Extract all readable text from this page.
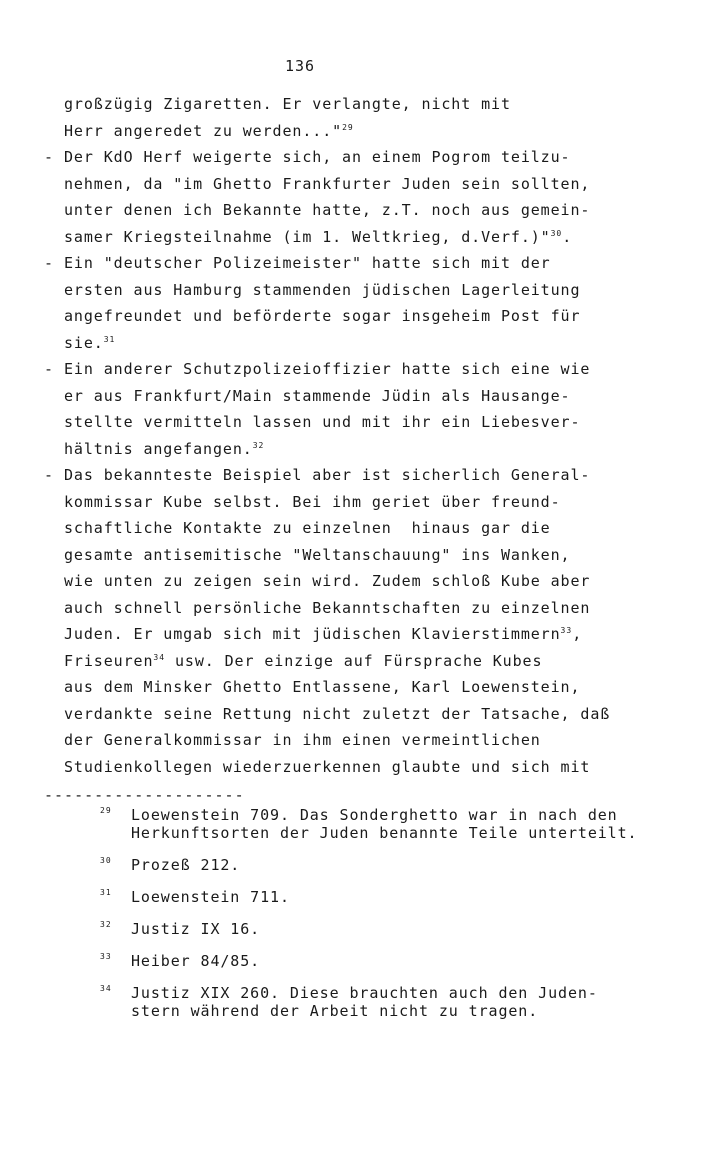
136
großzügig Zigaretten. Er verlangte, nicht mit
Herr angeredet zu werden..."$^{29}$
- Der KdO Herf weigerte sich, an einem Pogrom teilzu-
nehmen, da "im Ghetto Frankfurter Juden sein sollten,
unter denen ich Bekannte hatte, z.T. noch aus gemein-
samer Kriegsteilnahme (im 1. Weltkrieg, d.Verf.)"$^{30}$.
- Ein "deutscher Polizeimeister" hatte sich mit der
ersten aus Hamburg stammenden jüdischen Lagerleitung
angefreundet und beförderte sogar insgeheim Post für
sie.$^{31}$
- Ein anderer Schutzpolizeioffizier hatte sich eine wie
er aus Frankfurt/Main stammende Jüdin als Hausange-
stellte vermitteln lassen und mit ihr ein Liebesver-
hältnis angefangen.$^{32}$
- Das bekannteste Beispiel aber ist sicherlich General-
kommissar Kube selbst. Bei ihm geriet über freund-
schaftliche Kontakte zu einzelnen  hinaus gar die
gesamte antisemitische "Weltanschauung" ins Wanken,
wie unten zu zeigen sein wird. Zudem schloß Kube aber
auch schnell persönliche Bekanntschaften zu einzelnen
Juden. Er umgab sich mit jüdischen Klavierstimmern$^{33}$,
Friseuren$^{34}$ usw. Der einzige auf Fürsprache Kubes
aus dem Minsker Ghetto Entlassene, Karl Loewenstein,
verdankte seine Rettung nicht zuletzt der Tatsache, daß
der Generalkommissar in ihm einen vermeintlichen
Studienkollegen wiederzuerkennen glaubte und sich mit
--------------------
29 Loewenstein 709. Das Sonderghetto war in nach den
Herkunftsorten der Juden benannte Teile unterteilt.
30 Prozeß 212.
31 Loewenstein 711.
32 Justiz IX 16.
33 Heiber 84/85.
34 Justiz XIX 260. Diese brauchten auch den Juden-
stern während der Arbeit nicht zu tragen.
